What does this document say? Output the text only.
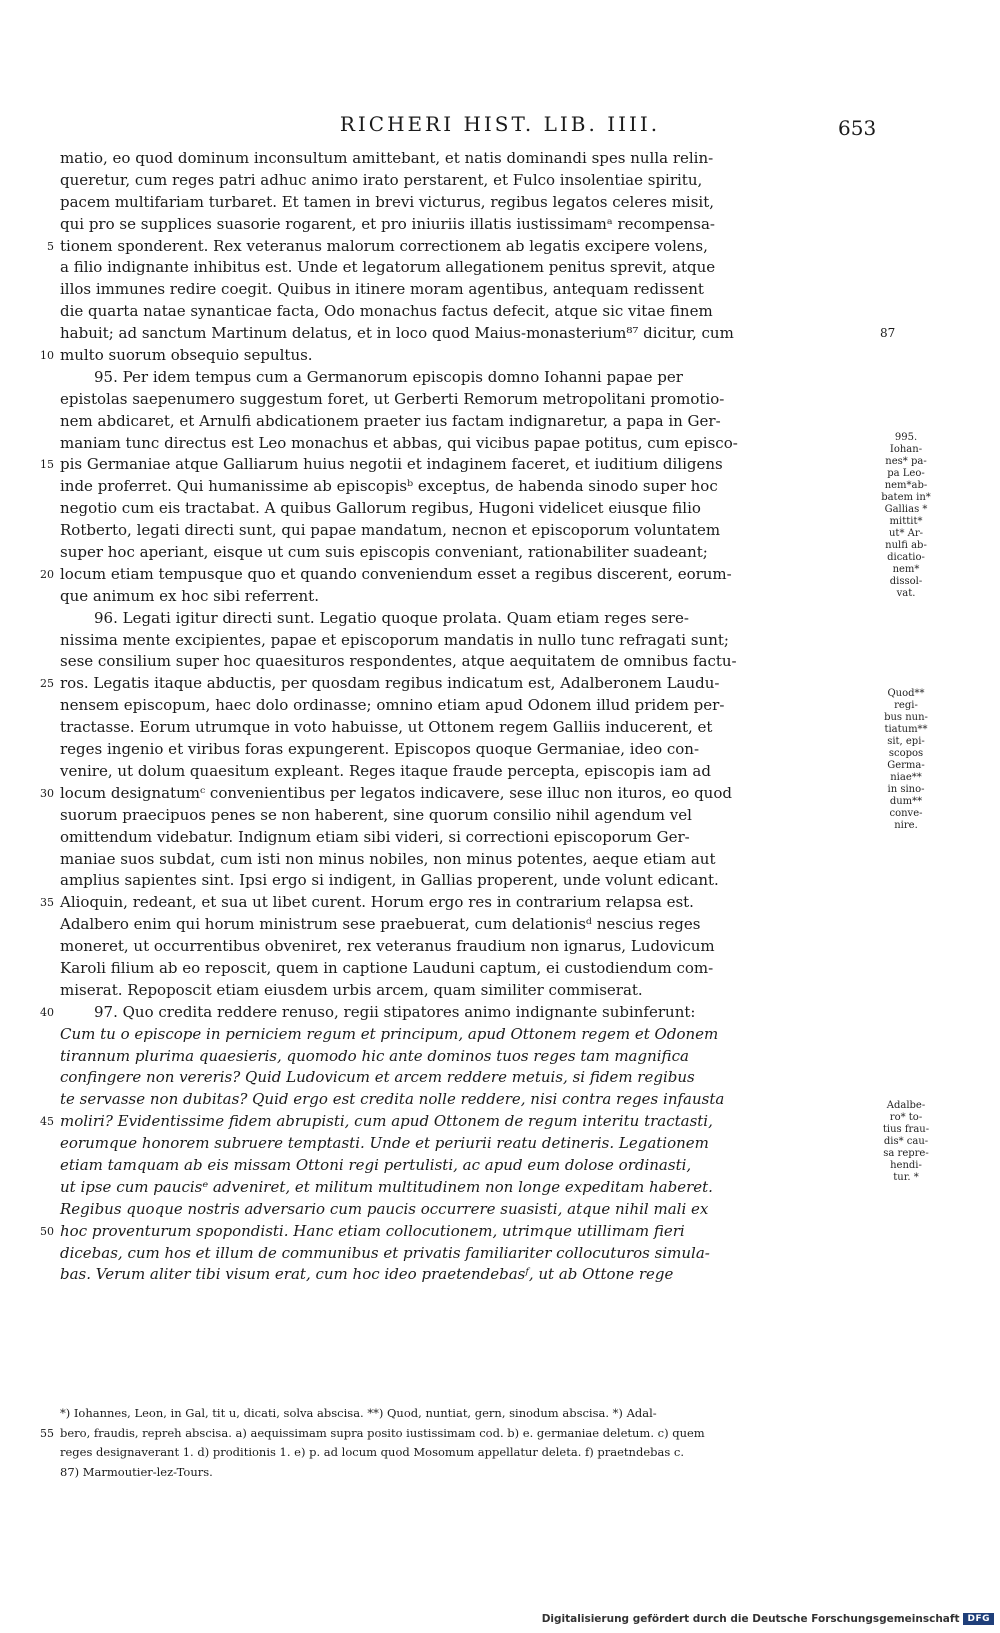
RICHERI HIST. LIB. IIII.	653
matio, eo quod dominum inconsultum amittebant, et natis dominandi spes nulla relin-
queretur, cum reges patri adhuc animo irato perstarent, et Fulco insolentiae spiritu,
pacem multifariam turbaret. Et tamen in brevi victurus, regibus legatos celeres misit,
qui pro se supplices suasorie rogarent, et pro iniuriis illatis iustissimamᵃ recompensa-
5 tionem sponderent. Rex veteranus malorum correctionem ab legatis excipere volens,
a filio indignante inhibitus est. Unde et legatorum allegationem penitus sprevit, atque
illos immunes redire coegit. Quibus in itinere moram agentibus, antequam redissent
die quarta natae synanticae facta, Odo monachus factus defecit, atque sic vitae finem
habuit; ad sanctum Martinum delatus, et in loco quod Maius-monasterium⁸⁷ dicitur, cum	87
10 multo suorum obsequio sepultus.
95. Per idem tempus cum a Germanorum episcopis domno Iohanni papae per
epistolas saepenumero suggestum foret, ut Gerberti Remorum metropolitani promotio-
nem abdicaret, et Arnulfi abdicationem praeter ius factam indignaretur, a papa in Ger-
maniam tunc directus est Leo monachus et abbas, qui vicibus papae potitus, cum episco-
15 pis Germaniae atque Galliarum huius negotii et indaginem faceret, et iuditium diligens
inde proferret. Qui humanissime ab episcopisᵇ exceptus, de habenda sinodo super hoc
negotio cum eis tractabat. A quibus Gallorum regibus, Hugoni videlicet eiusque filio
Rotberto, legati directi sunt, qui papae mandatum, necnon et episcoporum voluntatem
super hoc aperiant, eisque ut cum suis episcopis conveniant, rationabiliter suadeant;
20 locum etiam tempusque quo et quando conveniendum esset a regibus discerent, eorum-
que animum ex hoc sibi referrent.
96. Legati igitur directi sunt. Legatio quoque prolata. Quam etiam reges sere-
nissima mente excipientes, papae et episcoporum mandatis in nullo tunc refragati sunt;
sese consilium super hoc quaesituros respondentes, atque aequitatem de omnibus factu-
25 ros. Legatis itaque abductis, per quosdam regibus indicatum est, Adalberonem Laudu-
nensem episcopum, haec dolo ordinasse; omnino etiam apud Odonem illud pridem per-
tractasse. Eorum utrumque in voto habuisse, ut Ottonem regem Galliis inducerent, et
reges ingenio et viribus foras expungerent. Episcopos quoque Germaniae, ideo con-
venire, ut dolum quaesitum expleant. Reges itaque fraude percepta, episcopis iam ad
30 locum designatumᶜ convenientibus per legatos indicavere, sese illuc non ituros, eo quod
suorum praecipuos penes se non haberent, sine quorum consilio nihil agendum vel
omittendum videbatur. Indignum etiam sibi videri, si correctioni episcoporum Ger-
maniae suos subdat, cum isti non minus nobiles, non minus potentes, aeque etiam aut
amplius sapientes sint. Ipsi ergo si indigent, in Gallias properent, unde volunt edicant.
35 Alioquin, redeant, et sua ut libet curent. Horum ergo res in contrarium relapsa est.
Adalbero enim qui horum ministrum sese praebuerat, cum delationisᵈ nescius reges
moneret, ut occurrentibus obveniret, rex veteranus fraudium non ignarus, Ludovicum
Karoli filium ab eo reposcit, quem in captione Lauduni captum, ei custodiendum com-
miserat. Repoposcit etiam eiusdem urbis arcem, quam similiter commiserat.
40	97. Quo credita reddere renuso, regii stipatores animo indignante subinferunt:
Cum tu o episcope in perniciem regum et principum, apud Ottonem regem et Odonem
tirannum plurima quaesieris, quomodo hic ante dominos tuos reges tam magnifica
confingere non vereris? Quid Ludovicum et arcem reddere metuis, si fidem regibus
te servasse non dubitas? Quid ergo est credita nolle reddere, nisi contra reges infausta
45 moliri? Evidentissime fidem abrupisti, cum apud Ottonem de regum interitu tractasti,
eorumque honorem subruere temptasti. Unde et periurii reatu detineris. Legationem
etiam tamquam ab eis missam Ottoni regi pertulisti, ac apud eum dolose ordinasti,
ut ipse cum paucisᵉ adveniret, et militum multitudinem non longe expeditam haberet.
Regibus quoque nostris adversario cum paucis occurrere suasisti, atque nihil mali ex
50 hoc proventurum spopondisti. Hanc etiam collocutionem, utrimque utillimam fieri
dicebas, cum hos et illum de communibus et privatis familiariter collocuturos simula-
bas. Verum aliter tibi visum erat, cum hoc ideo praetendebasᶠ, ut ab Ottone rege
995.
Iohan-
nes* pa-
pa Leo-
nem*ab-
batem in*
Gallias *
mittit*
ut* Ar-
nulfi ab-
dicatio-
nem*
dissol-
vat.
Quod**
regi-
bus nun-
tiatum**
sit, epi-
scopos
Germa-
niae**
in sino-
dum**
conve-
nire.
Adalbe-
ro* to-
tius frau-
dis* cau-
sa repre-
hendi-
tur. *
*) Iohannes, Leon, in Gal, tit u, dicati, solva abscisa. **) Quod, nuntiat, gern, sinodum abscisa. *) Adal-
55 bero, fraudis, repreh abscisa. a) aequissimam supra posito iustissimam cod. b) e. germaniae deletum. c) quem
reges designaverant 1. d) proditionis 1. e) p. ad locum quod Mosomum appellatur deleta. f) praetndebas c.
87) Marmoutier-lez-Tours.
Digitalisierung gefördert durch die Deutsche Forschungsgemeinschaft DFG
